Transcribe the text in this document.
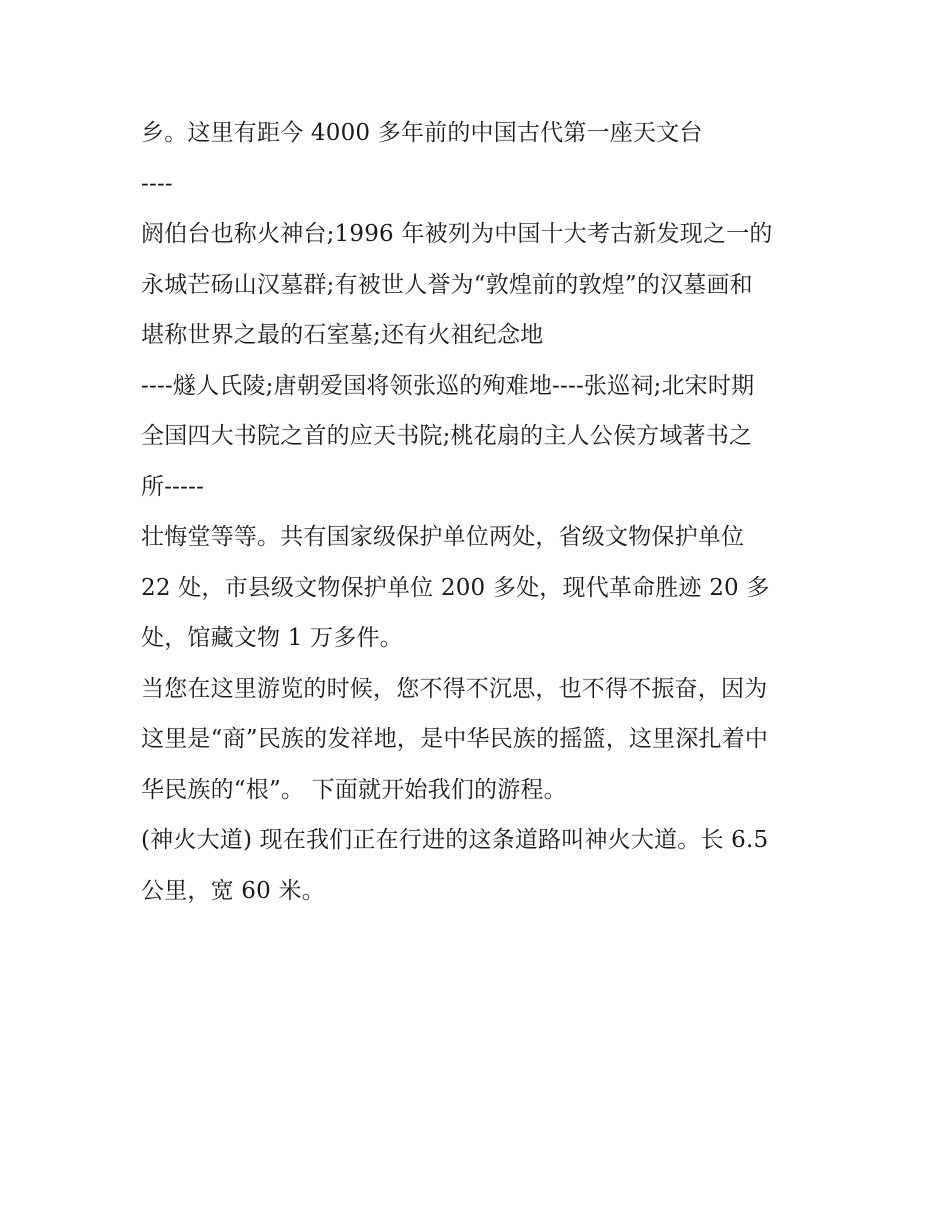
乡。这里有距今 4000 多年前的中国古代第一座天文台
----
阏伯台也称火神台;1996 年被列为中国十大考古新发现之一的
永城芒砀山汉墓群;有被世人誉为“敦煌前的敦煌”的汉墓画和
堪称世界之最的石室墓;还有火祖纪念地
----燧人氏陵;唐朝爱国将领张巡的殉难地----张巡祠;北宋时期
全国四大书院之首的应天书院;桃花扇的主人公侯方域著书之
所-----
壮悔堂等等。共有国家级保护单位两处，省级文物保护单位
22 处，市县级文物保护单位 200 多处，现代革命胜迹 20 多
处，馆藏文物 1 万多件。
当您在这里游览的时候，您不得不沉思，也不得不振奋，因为
这里是“商”民族的发祥地，是中华民族的摇篮，这里深扎着中
华民族的“根”。 下面就开始我们的游程。
(神火大道) 现在我们正在行进的这条道路叫神火大道。长 6.5
公里，宽 60 米。
